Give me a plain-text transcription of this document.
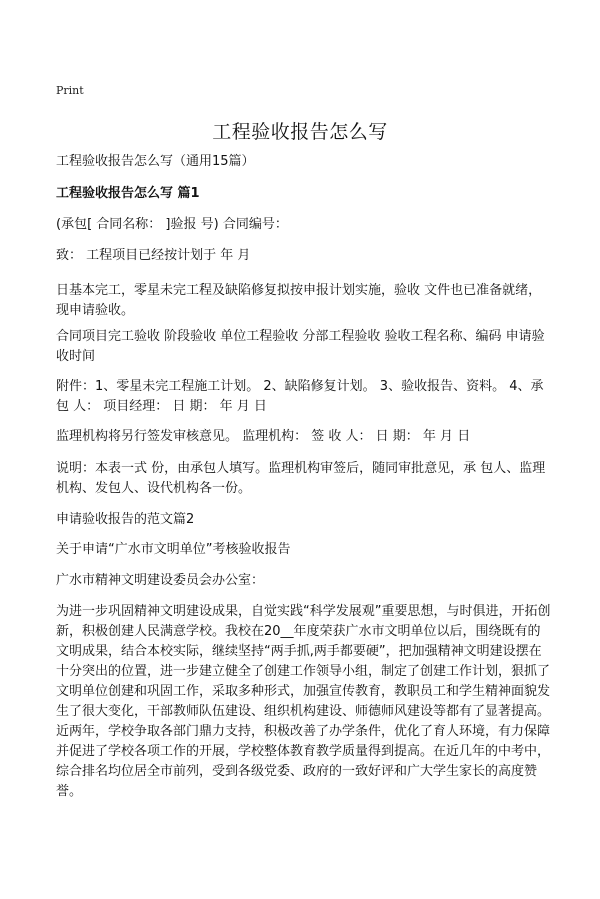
Print
工程验收报告怎么写

工程验收报告怎么写（通用15篇）

工程验收报告怎么写 篇1

(承包[ 合同名称： ]验报 号) 合同编号：

致： 工程项目已经按计划于 年 月

日基本完工，零星未完工程及缺陷修复拟按申报计划实施，验收 文件也已准备就绪，现申请验收。

合同项目完工验收 阶段验收 单位工程验收 分部工程验收 验收工程名称、编码 申请验收时间

附件：1、零星未完工程施工计划。 2、缺陷修复计划。 3、验收报告、资料。 4、承 包 人： 项目经理： 日 期： 年 月 日

监理机构将另行签发审核意见。 监理机构： 签 收 人： 日 期： 年 月 日

说明：本表一式 份，由承包人填写。监理机构审签后，随同审批意见，承 包人、监理机构、发包人、设代机构各一份。

申请验收报告的范文篇2

关于申请“广水市文明单位”考核验收报告

广水市精神文明建设委员会办公室：

为进一步巩固精神文明建设成果，自觉实践“科学发展观”重要思想，与时俱进，开拓创新，积极创建人民满意学校。我校在20__年度荣获广水市文明单位以后，围绕既有的文明成果，结合本校实际，继续坚持“两手抓,两手都要硬”，把加强精神文明建设摆在十分突出的位置，进一步建立健全了创建工作领导小组，制定了创建工作计划，狠抓了文明单位创建和巩固工作，采取多种形式，加强宣传教育，教职员工和学生精神面貌发生了很大变化，干部教师队伍建设、组织机构建设、师德师风建设等都有了显著提高。近两年，学校争取各部门鼎力支持，积极改善了办学条件，优化了育人环境，有力保障并促进了学校各项工作的开展，学校整体教育教学质量得到提高。在近几年的中考中，综合排名均位居全市前列，受到各级党委、政府的一致好评和广大学生家长的高度赞誉。
